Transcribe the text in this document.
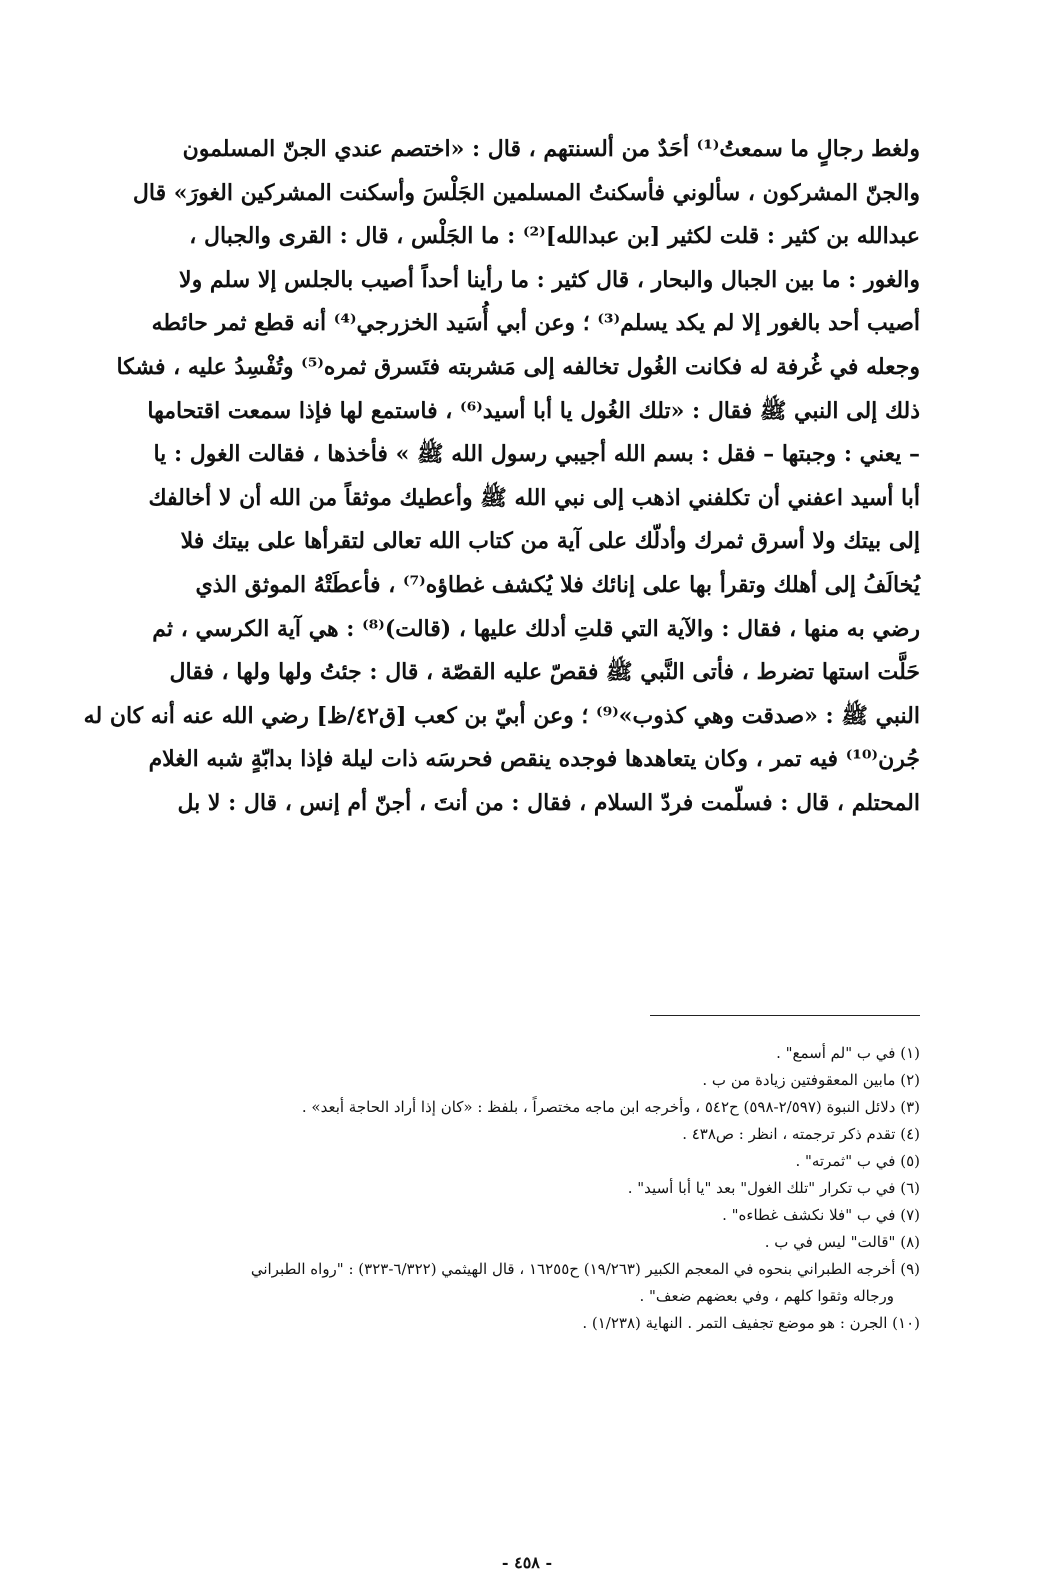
ولغط رجالٍ ما سمعتُ⁽¹⁾ أحَدٌ من ألسنتهم ، قال : «اختصم عندي الجنّ المسلمون
والجنّ المشركون ، سألوني فأسكنتُ المسلمين الجَلْسَ وأسكنت المشركين الغورَ» قال
عبدالله بن كثير : قلت لكثير [بن عبدالله]⁽²⁾ : ما الجَلْس ، قال : القرى والجبال ،
والغور : ما بين الجبال والبحار ، قال كثير : ما رأينا أحداً أصيب بالجلس إلا سلم ولا
أصيب أحد بالغور إلا لم يكد يسلم⁽³⁾ ؛ وعن أبي أُسَيد الخزرجي⁽⁴⁾ أنه قطع ثمر حائطه
وجعله في غُرفة له فكانت الغُول تخالفه إلى مَشربته فتَسرق ثمره⁽⁵⁾ وتُفْسِدُ عليه ، فشكا
ذلك إلى النبي ﷺ فقال : «تلك الغُول يا أبا أسيد⁽⁶⁾ ، فاستمع لها فإذا سمعت اقتحامها
– يعني : وجبتها – فقل : بسم الله أجيبي رسول الله ﷺ » فأخذها ، فقالت الغول : يا
أبا أسيد اعفني أن تكلفني اذهب إلى نبي الله ﷺ وأعطيك موثقاً من الله أن لا أخالفك
إلى بيتك ولا أسرق ثمرك وأدلّك على آية من كتاب الله تعالى لتقرأها على بيتك فلا
يُخالَفُ إلى أهلك وتقرأ بها على إنائك فلا يُكشف غطاؤه⁽⁷⁾ ، فأعطَتْهُ الموثق الذي
رضي به منها ، فقال : والآية التي قلتِ أدلك عليها ، (قالت)⁽⁸⁾ : هي آية الكرسي ، ثم
حَلَّت استها تضرط ، فأتى النَّبي ﷺ فقصّ عليه القصّة ، قال : جئتُ ولها ولها ، فقال
النبي ﷺ : «صدقت وهي كذوب»⁽⁹⁾ ؛ وعن أبيّ بن كعب [ق٤٢/ظ] رضي الله عنه أنه كان له
جُرن⁽¹⁰⁾ فيه تمر ، وكان يتعاهدها فوجده ينقص فحرسَه ذات ليلة فإذا بدابّةٍ شبه الغلام
المحتلم ، قال : فسلّمت فردّ السلام ، فقال : من أنتَ ، أجنّ أم إنس ، قال : لا بل
(١) في ب "لم أسمع" .
(٢) مابين المعقوفتين زيادة من ب .
(٣) دلائل النبوة (٢/٥٩٧-٥٩٨) ح٥٤٢ ، وأخرجه ابن ماجه مختصراً ، بلفظ : «كان إذا أراد الحاجة أبعد» .
(٤) تقدم ذكر ترجمته ، انظر : ص٤٣٨ .
(٥) في ب "ثمرته" .
(٦) في ب تكرار "تلك الغول" بعد "يا أبا أسيد" .
(٧) في ب "فلا نكشف غطاءه" .
(٨) "قالت" ليس في ب .
(٩) أخرجه الطبراني بنحوه في المعجم الكبير (١٩/٢٦٣) ح١٦٢٥٥ ، قال الهيثمي (٦/٣٢٢-٣٢٣) : "رواه الطبراني
ورجاله وثقوا كلهم ، وفي بعضهم ضعف" .
(١٠) الجرن : هو موضع تجفيف التمر . النهاية (١/٢٣٨) .
- ٤٥٨ -
